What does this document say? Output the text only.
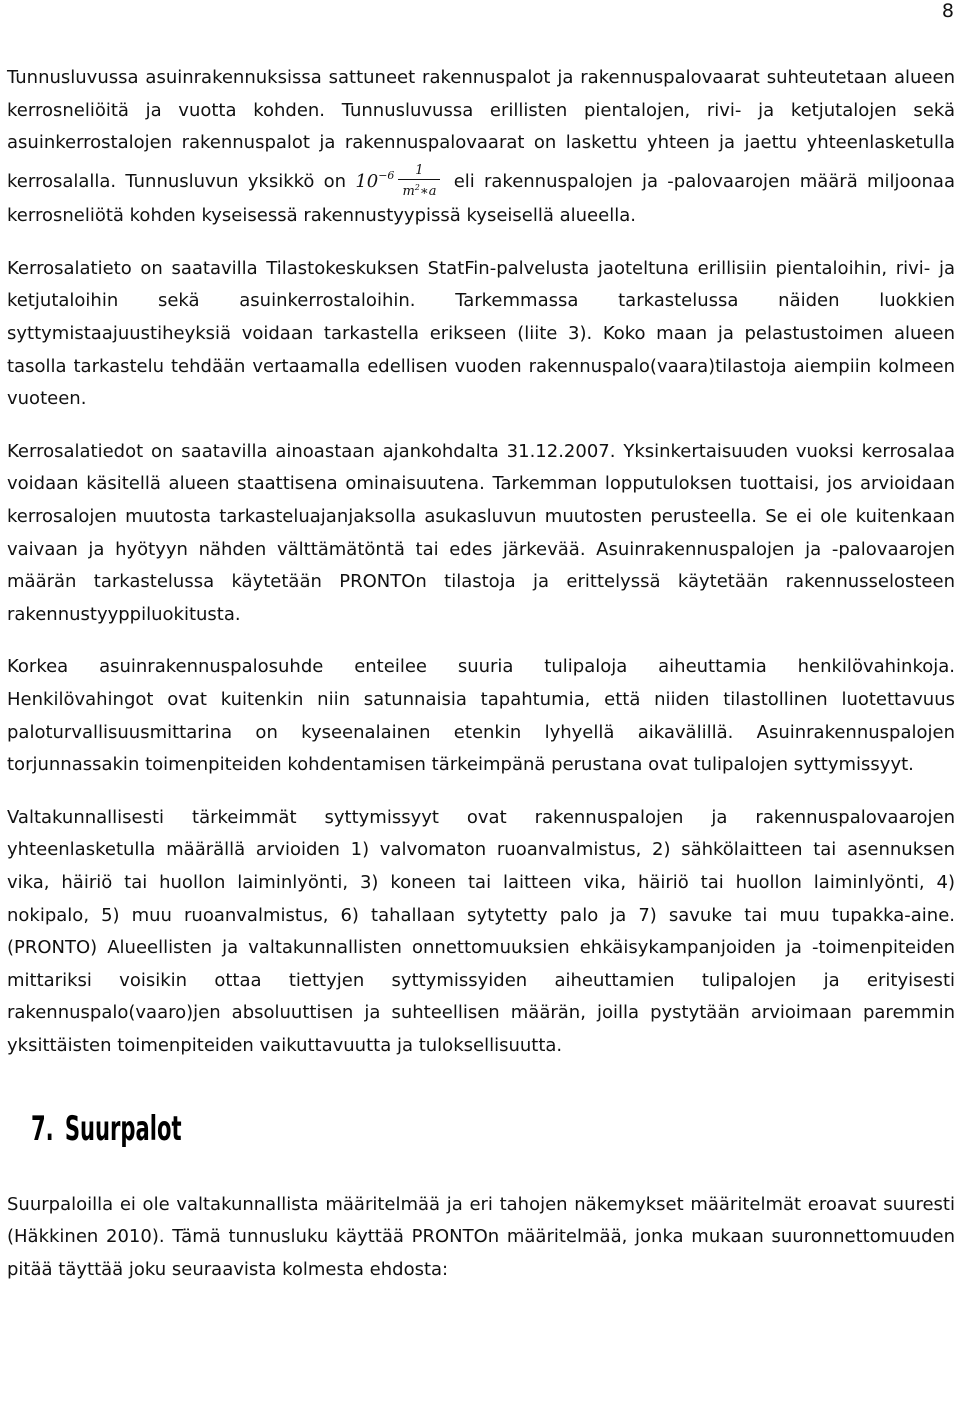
8

Tunnusluvussa asuinrakennuksissa sattuneet rakennuspalot ja rakennuspalovaarat suhteutetaan alueen kerrosneliöitä ja vuotta kohden. Tunnusluvussa erillisten pientalojen, rivi- ja ketjutalojen sekä asuinkerrostalojen rakennuspalot ja rakennuspalovaarat on laskettu yhteen ja jaettu yhteenlasketulla kerrosalalla. Tunnusluvun yksikkö on $10^{-6} \frac{1}{m^2∗a}$ eli rakennuspalojen ja -palovaarojen määrä miljoonaa kerrosneliötä kohden kyseisessä rakennustyypissä kyseisellä alueella.

Kerrosalatieto on saatavilla Tilastokeskuksen StatFin-palvelusta jaoteltuna erillisiin pientaloihin, rivi- ja ketjutaloihin sekä asuinkerrostaloihin. Tarkemmassa tarkastelussa näiden luokkien syttymistaajuustiheyksiä voidaan tarkastella erikseen (liite 3). Koko maan ja pelastustoimen alueen tasolla tarkastelu tehdään vertaamalla edellisen vuoden rakennuspalo(vaara)tilastoja aiempiin kolmeen vuoteen.

Kerrosalatiedot on saatavilla ainoastaan ajankohdalta 31.12.2007. Yksinkertaisuuden vuoksi kerrosalaa voidaan käsitellä alueen staattisena ominaisuutena. Tarkemman lopputuloksen tuottaisi, jos arvioidaan kerrosalojen muutosta tarkasteluajanjaksolla asukasluvun muutosten perusteella. Se ei ole kuitenkaan vaivaan ja hyötyyn nähden välttämätöntä tai edes järkevää. Asuinrakennuspalojen ja -palovaarojen määrän tarkastelussa käytetään PRONTOn tilastoja ja erittelyssä käytetään rakennusselosteen rakennustyyppiluokitusta.

Korkea asuinrakennuspalosuhde enteilee suuria tulipaloja aiheuttamia henkilövahinkoja. Henkilövahingot ovat kuitenkin niin satunnaisia tapahtumia, että niiden tilastollinen luotettavuus paloturvallisuusmittarina on kyseenalainen etenkin lyhyellä aikavälillä. Asuinrakennuspalojen torjunnassakin toimenpiteiden kohdentamisen tärkeimpänä perustana ovat tulipalojen syttymissyyt.

Valtakunnallisesti tärkeimmät syttymissyyt ovat rakennuspalojen ja rakennuspalovaarojen yhteenlasketulla määrällä arvioiden 1) valvomaton ruoanvalmistus, 2) sähkölaitteen tai asennuksen vika, häiriö tai huollon laiminlyönti, 3) koneen tai laitteen vika, häiriö tai huollon laiminlyönti, 4) nokipalo, 5) muu ruoanvalmistus, 6) tahallaan sytytetty palo ja 7) savuke tai muu tupakka-aine. (PRONTO) Alueellisten ja valtakunnallisten onnettomuuksien ehkäisykampanjoiden ja -toimenpiteiden mittariksi voisikin ottaa tiettyjen syttymissyiden aiheuttamien tulipalojen ja erityisesti rakennuspalo(vaaro)jen absoluuttisen ja suhteellisen määrän, joilla pystytään arvioimaan paremmin yksittäisten toimenpiteiden vaikuttavuutta ja tuloksellisuutta.

7. Suurpalot

Suurpaloilla ei ole valtakunnallista määritelmää ja eri tahojen näkemykset määritelmät eroavat suuresti (Häkkinen 2010). Tämä tunnusluku käyttää PRONTOn määritelmää, jonka mukaan suuronnettomuuden pitää täyttää joku seuraavista kolmesta ehdosta:
